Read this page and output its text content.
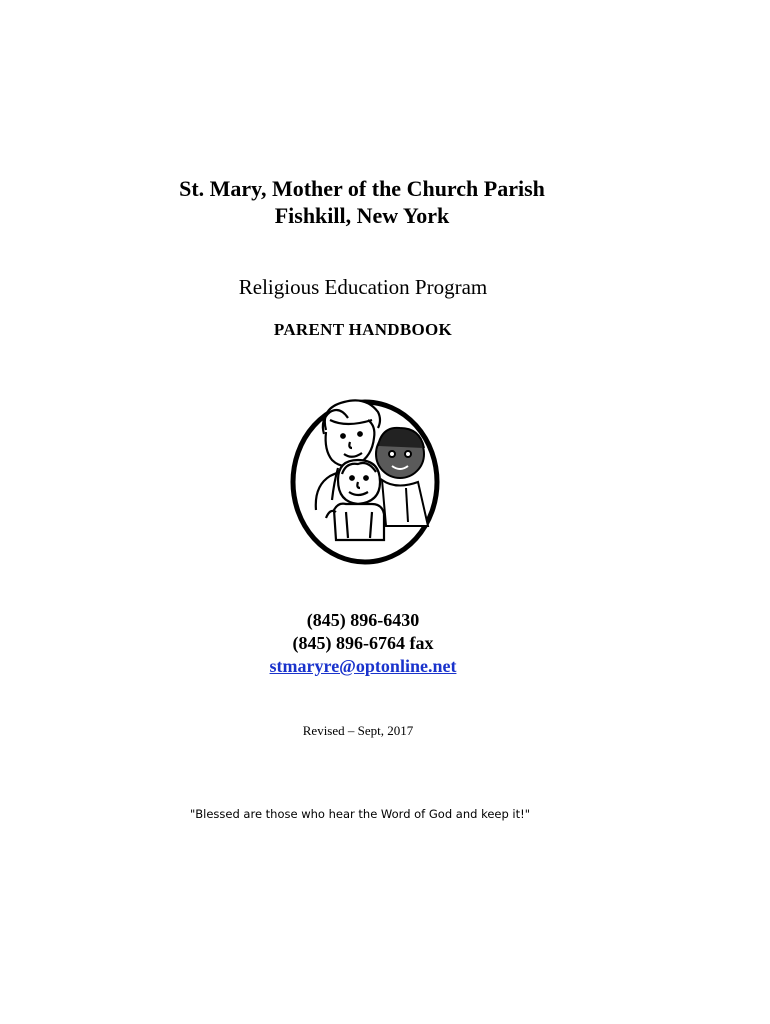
St. Mary, Mother of the Church Parish
Fishkill, New York
Religious Education Program
PARENT HANDBOOK
(845) 896-6430
(845) 896-6764 fax
stmaryre@optonline.net
Revised – Sept, 2017
"Blessed are those who hear the Word of God and keep it!"
